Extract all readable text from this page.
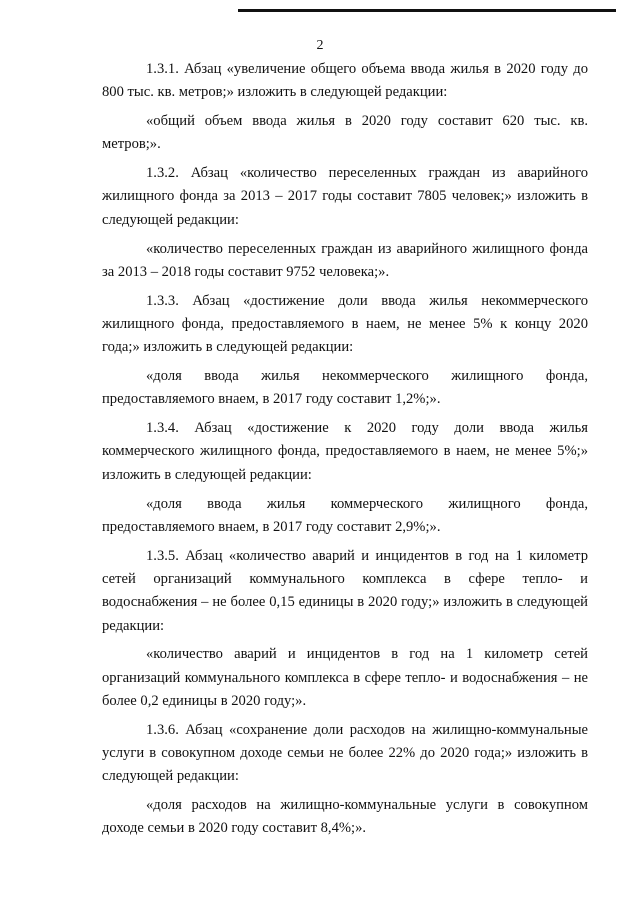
2

1.3.1. Абзац «увеличение общего объема ввода жилья в 2020 году до 800 тыс. кв. метров;» изложить в следующей редакции:

«общий объем ввода жилья в 2020 году составит 620 тыс. кв. метров;».

1.3.2. Абзац «количество переселенных граждан из аварийного жилищного фонда за 2013 – 2017 годы составит 7805 человек;» изложить в следующей редакции:

«количество переселенных граждан из аварийного жилищного фонда за 2013 – 2018 годы составит 9752 человека;».

1.3.3. Абзац «достижение доли ввода жилья некоммерческого жилищного фонда, предоставляемого в наем, не менее 5% к концу 2020 года;» изложить в следующей редакции:

«доля ввода жилья некоммерческого жилищного фонда, предоставляемого внаем, в 2017 году составит 1,2%;».

1.3.4. Абзац «достижение к 2020 году доли ввода жилья коммерческого жилищного фонда, предоставляемого в наем, не менее 5%;» изложить в следующей редакции:

«доля ввода жилья коммерческого жилищного фонда, предоставляемого внаем, в 2017 году составит 2,9%;».

1.3.5. Абзац «количество аварий и инцидентов в год на 1 километр сетей организаций коммунального комплекса в сфере тепло- и водоснабжения – не более 0,15 единицы в 2020 году;» изложить в следующей редакции:

«количество аварий и инцидентов в год на 1 километр сетей организаций коммунального комплекса в сфере тепло- и водоснабжения – не более 0,2 единицы в 2020 году;».

1.3.6. Абзац «сохранение доли расходов на жилищно-коммунальные услуги в совокупном доходе семьи не более 22% до 2020 года;» изложить в следующей редакции:

«доля расходов на жилищно-коммунальные услуги в совокупном доходе семьи в 2020 году составит 8,4%;».
